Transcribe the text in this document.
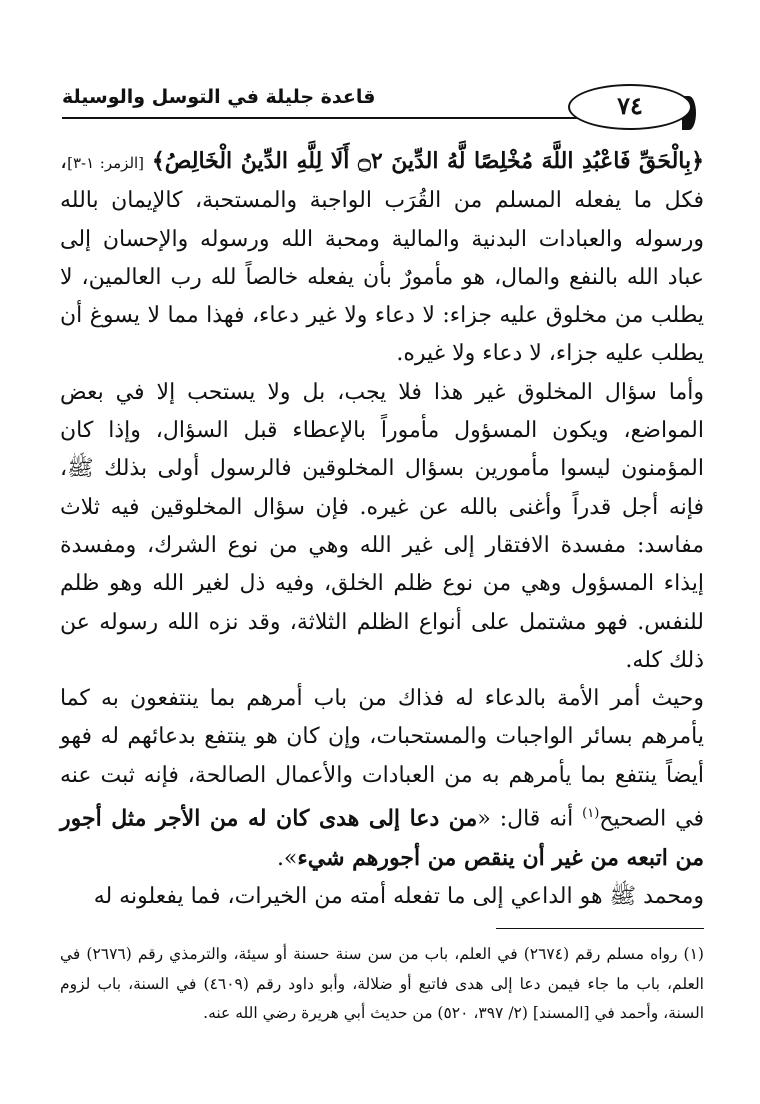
قاعدة جليلة في التوسل والوسيلة	٧٤

﴿بِالْحَقِّ فَاعْبُدِ اللَّهَ مُخْلِصًا لَّهُ الدِّينَ ۝٢ أَلَا لِلَّهِ الدِّينُ الْخَالِصُ﴾ [الزمر: ١-٣]، فكل ما يفعله المسلم من القُرَب الواجبة والمستحبة، كالإيمان بالله ورسوله والعبادات البدنية والمالية ومحبة الله ورسوله والإحسان إلى عباد الله بالنفع والمال، هو مأمورٌ بأن يفعله خالصاً لله رب العالمين، لا يطلب من مخلوق عليه جزاء: لا دعاء ولا غير دعاء، فهذا مما لا يسوغ أن يطلب عليه جزاء، لا دعاء ولا غيره.

وأما سؤال المخلوق غير هذا فلا يجب، بل ولا يستحب إلا في بعض المواضع، ويكون المسؤول مأموراً بالإعطاء قبل السؤال، وإذا كان المؤمنون ليسوا مأمورين بسؤال المخلوقين فالرسول أولى بذلك ﷺ، فإنه أجل قدراً وأغنى بالله عن غيره. فإن سؤال المخلوقين فيه ثلاث مفاسد: مفسدة الافتقار إلى غير الله وهي من نوع الشرك، ومفسدة إيذاء المسؤول وهي من نوع ظلم الخلق، وفيه ذل لغير الله وهو ظلم للنفس. فهو مشتمل على أنواع الظلم الثلاثة، وقد نزه الله رسوله عن ذلك كله.

وحيث أمر الأمة بالدعاء له فذاك من باب أمرهم بما ينتفعون به كما يأمرهم بسائر الواجبات والمستحبات، وإن كان هو ينتفع بدعائهم له فهو أيضاً ينتفع بما يأمرهم به من العبادات والأعمال الصالحة، فإنه ثبت عنه في الصحيح$^{(١)}$ أنه قال: «من دعا إلى هدى كان له من الأجر مثل أجور من اتبعه من غير أن ينقص من أجورهم شيء».

ومحمد ﷺ هو الداعي إلى ما تفعله أمته من الخيرات، فما يفعلونه له

(١) رواه مسلم رقم (٢٦٧٤) في العلم، باب من سن سنة حسنة أو سيئة، والترمذي رقم (٢٦٧٦) في العلم، باب ما جاء فيمن دعا إلى هدى فاتبع أو ضلالة، وأبو داود رقم (٤٦٠٩) في السنة، باب لزوم السنة، وأحمد في [المسند] (٢/ ٣٩٧، ٥٢٠) من حديث أبي هريرة رضي الله عنه.
